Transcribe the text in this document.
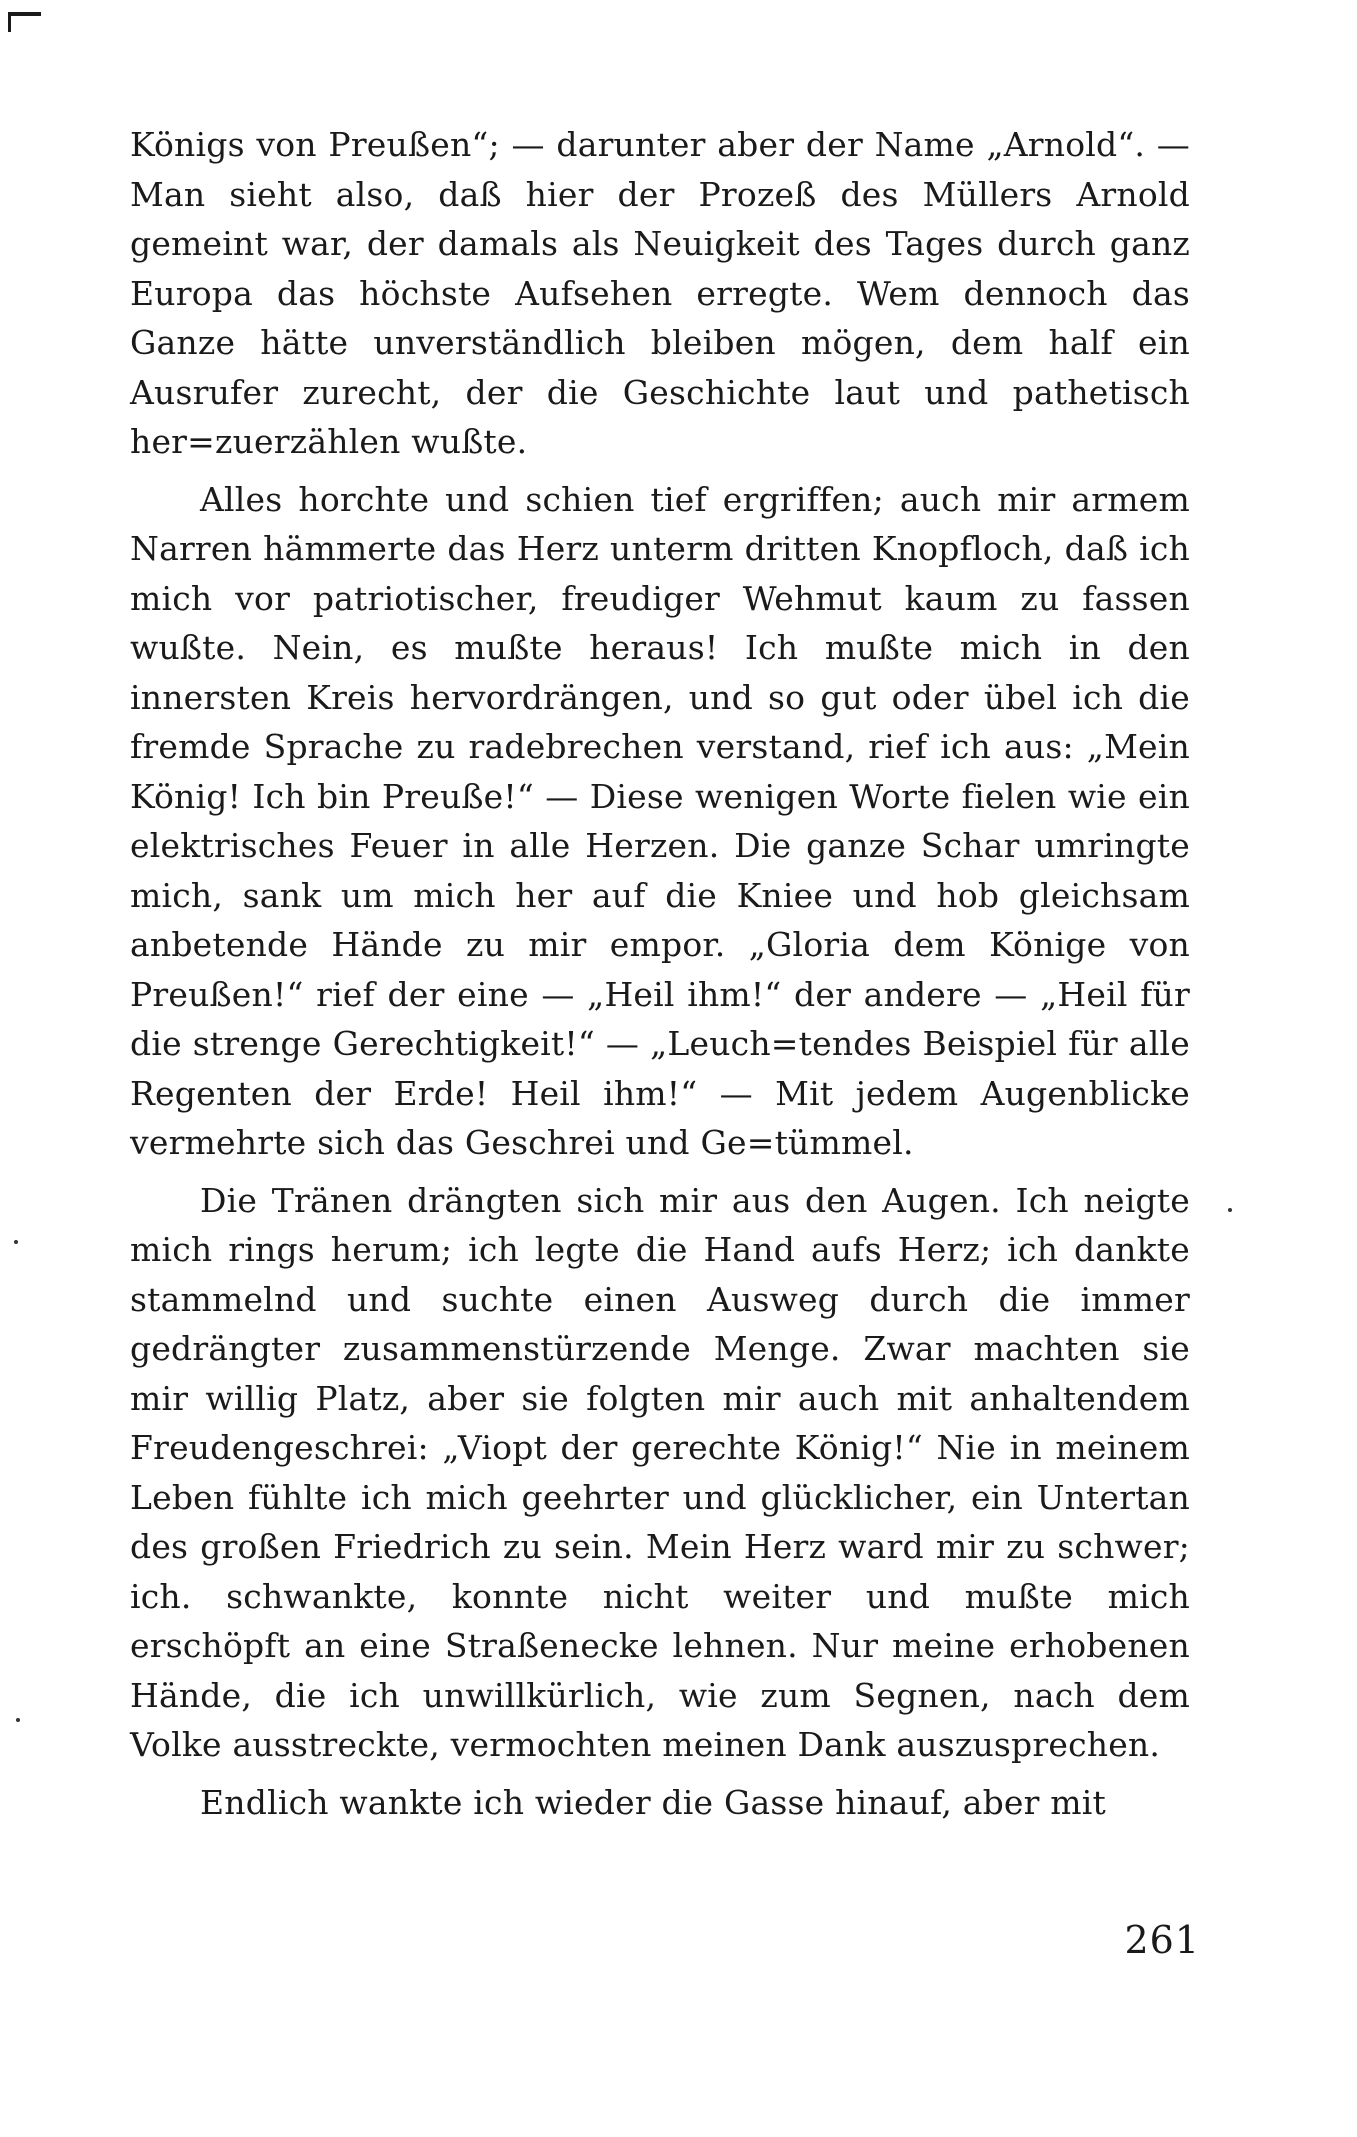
Königs von Preußen“; — darunter aber der Name „Arnold“. — Man sieht also, daß hier der Prozeß des Müllers Arnold gemeint war, der damals als Neuigkeit des Tages durch ganz Europa das höchste Aufsehen erregte. Wem dennoch das Ganze hätte unverständlich bleiben mögen, dem half ein Ausrufer zurecht, der die Geschichte laut und pathetisch her=zuerzählen wußte.

Alles horchte und schien tief ergriffen; auch mir armem Narren hämmerte das Herz unterm dritten Knopfloch, daß ich mich vor patriotischer, freudiger Wehmut kaum zu fassen wußte. Nein, es mußte heraus! Ich mußte mich in den innersten Kreis hervordrängen, und so gut oder übel ich die fremde Sprache zu radebrechen verstand, rief ich aus: „Mein König! Ich bin Preuße!“ — Diese wenigen Worte fielen wie ein elektrisches Feuer in alle Herzen. Die ganze Schar umringte mich, sank um mich her auf die Kniee und hob gleichsam anbetende Hände zu mir empor. „Gloria dem Könige von Preußen!“ rief der eine — „Heil ihm!“ der andere — „Heil für die strenge Gerechtigkeit!“ — „Leuch=tendes Beispiel für alle Regenten der Erde! Heil ihm!“ — Mit jedem Augenblicke vermehrte sich das Geschrei und Ge=tümmel.

Die Tränen drängten sich mir aus den Augen. Ich neigte mich rings herum; ich legte die Hand aufs Herz; ich dankte stammelnd und suchte einen Ausweg durch die immer gedrängter zusammenstürzende Menge. Zwar machten sie mir willig Platz, aber sie folgten mir auch mit anhaltendem Freudengeschrei: „Viopt der gerechte König!“ Nie in meinem Leben fühlte ich mich geehrter und glücklicher, ein Untertan des großen Friedrich zu sein. Mein Herz ward mir zu schwer; ich. schwankte, konnte nicht weiter und mußte mich erschöpft an eine Straßenecke lehnen. Nur meine erhobenen Hände, die ich unwillkürlich, wie zum Segnen, nach dem Volke ausstreckte, vermochten meinen Dank auszusprechen.

Endlich wankte ich wieder die Gasse hinauf, aber mit

261
